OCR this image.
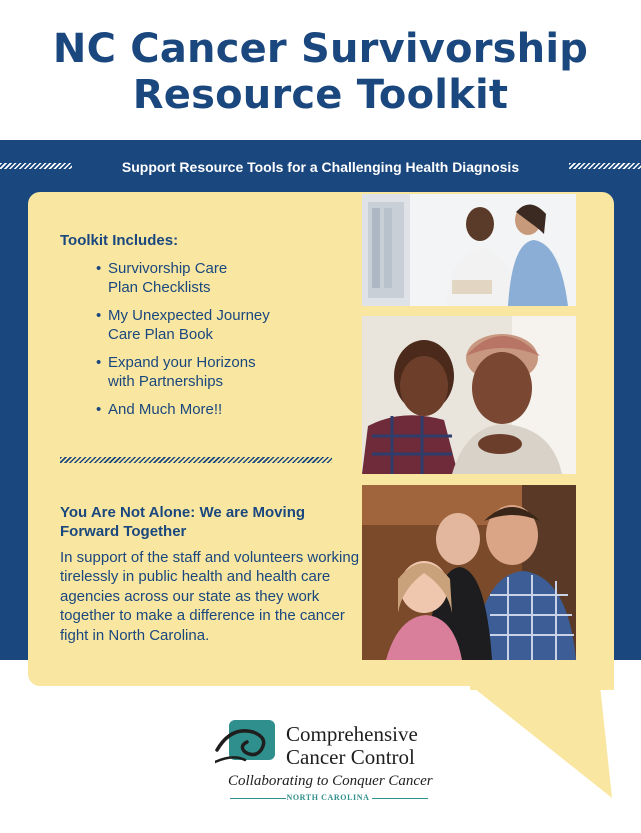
NC Cancer Survivorship
Resource Toolkit
Support Resource Tools for a Challenging Health Diagnosis
Toolkit Includes:
• Survivorship Care
Plan Checklists
• My Unexpected Journey
Care Plan Book
• Expand your Horizons
with Partnerships
• And Much More!!
You Are Not Alone: We are Moving
Forward Together
In support of the staff and volunteers working tirelessly in public health and health care agencies across our state as they work together to make a difference in the cancer fight in North Carolina.
Comprehensive
Cancer Control
Collaborating to Conquer Cancer
NORTH CAROLINA
